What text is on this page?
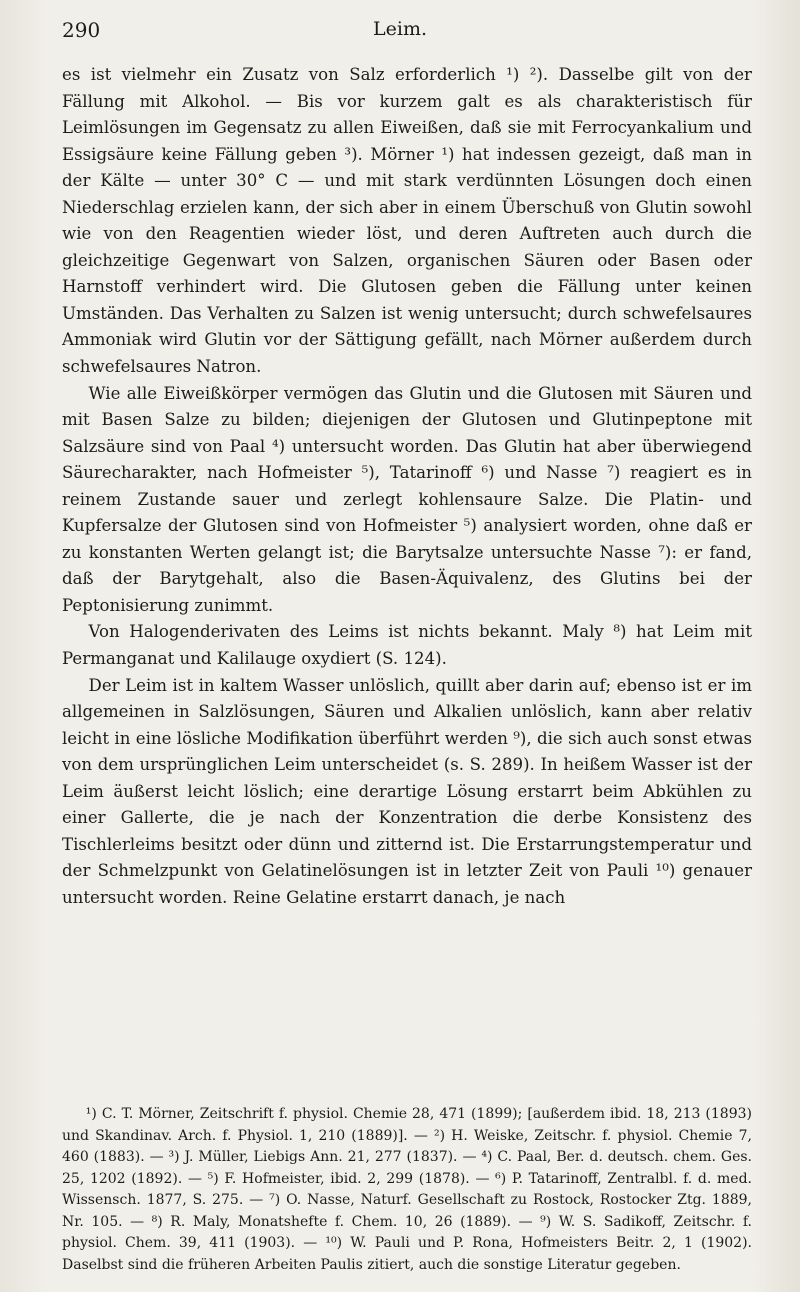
290	Leim.

es ist vielmehr ein Zusatz von Salz erforderlich ¹) ²). Dasselbe gilt von der Fällung mit Alkohol. — Bis vor kurzem galt es als charakteristisch für Leimlösungen im Gegensatz zu allen Eiweißen, daß sie mit Ferrocyankalium und Essigsäure keine Fällung geben ³). Mörner ¹) hat indessen gezeigt, daß man in der Kälte — unter 30° C — und mit stark verdünnten Lösungen doch einen Niederschlag erzielen kann, der sich aber in einem Überschuß von Glutin sowohl wie von den Reagentien wieder löst, und deren Auftreten auch durch die gleichzeitige Gegenwart von Salzen, organischen Säuren oder Basen oder Harnstoff verhindert wird. Die Glutosen geben die Fällung unter keinen Umständen. Das Verhalten zu Salzen ist wenig untersucht; durch schwefelsaures Ammoniak wird Glutin vor der Sättigung gefällt, nach Mörner außerdem durch schwefelsaures Natron.

Wie alle Eiweißkörper vermögen das Glutin und die Glutosen mit Säuren und mit Basen Salze zu bilden; diejenigen der Glutosen und Glutinpeptone mit Salzsäure sind von Paal ⁴) untersucht worden. Das Glutin hat aber überwiegend Säurecharakter, nach Hofmeister ⁵), Tatarinoff ⁶) und Nasse ⁷) reagiert es in reinem Zustande sauer und zerlegt kohlensaure Salze. Die Platin- und Kupfersalze der Glutosen sind von Hofmeister ⁵) analysiert worden, ohne daß er zu konstanten Werten gelangt ist; die Barytsalze untersuchte Nasse ⁷): er fand, daß der Barytgehalt, also die Basen-Äquivalenz, des Glutins bei der Peptonisierung zunimmt.

Von Halogenderivaten des Leims ist nichts bekannt. Maly ⁸) hat Leim mit Permanganat und Kalilauge oxydiert (S. 124).

Der Leim ist in kaltem Wasser unlöslich, quillt aber darin auf; ebenso ist er im allgemeinen in Salzlösungen, Säuren und Alkalien unlöslich, kann aber relativ leicht in eine lösliche Modifikation überführt werden ⁹), die sich auch sonst etwas von dem ursprünglichen Leim unterscheidet (s. S. 289). In heißem Wasser ist der Leim äußerst leicht löslich; eine derartige Lösung erstarrt beim Abkühlen zu einer Gallerte, die je nach der Konzentration die derbe Konsistenz des Tischlerleims besitzt oder dünn und zitternd ist. Die Erstarrungstemperatur und der Schmelzpunkt von Gelatinelösungen ist in letzter Zeit von Pauli ¹⁰) genauer untersucht worden. Reine Gelatine erstarrt danach, je nach

¹) C. T. Mörner, Zeitschrift f. physiol. Chemie 28, 471 (1899); [außerdem ibid. 18, 213 (1893) und Skandinav. Arch. f. Physiol. 1, 210 (1889)]. — ²) H. Weiske, Zeitschr. f. physiol. Chemie 7, 460 (1883). — ³) J. Müller, Liebigs Ann. 21, 277 (1837). — ⁴) C. Paal, Ber. d. deutsch. chem. Ges. 25, 1202 (1892). — ⁵) F. Hofmeister, ibid. 2, 299 (1878). — ⁶) P. Tatarinoff, Zentralbl. f. d. med. Wissensch. 1877, S. 275. — ⁷) O. Nasse, Naturf. Gesellschaft zu Rostock, Rostocker Ztg. 1889, Nr. 105. — ⁸) R. Maly, Monatshefte f. Chem. 10, 26 (1889). — ⁹) W. S. Sadikoff, Zeitschr. f. physiol. Chem. 39, 411 (1903). — ¹⁰) W. Pauli und P. Rona, Hofmeisters Beitr. 2, 1 (1902). Daselbst sind die früheren Arbeiten Paulis zitiert, auch die sonstige Literatur gegeben.
